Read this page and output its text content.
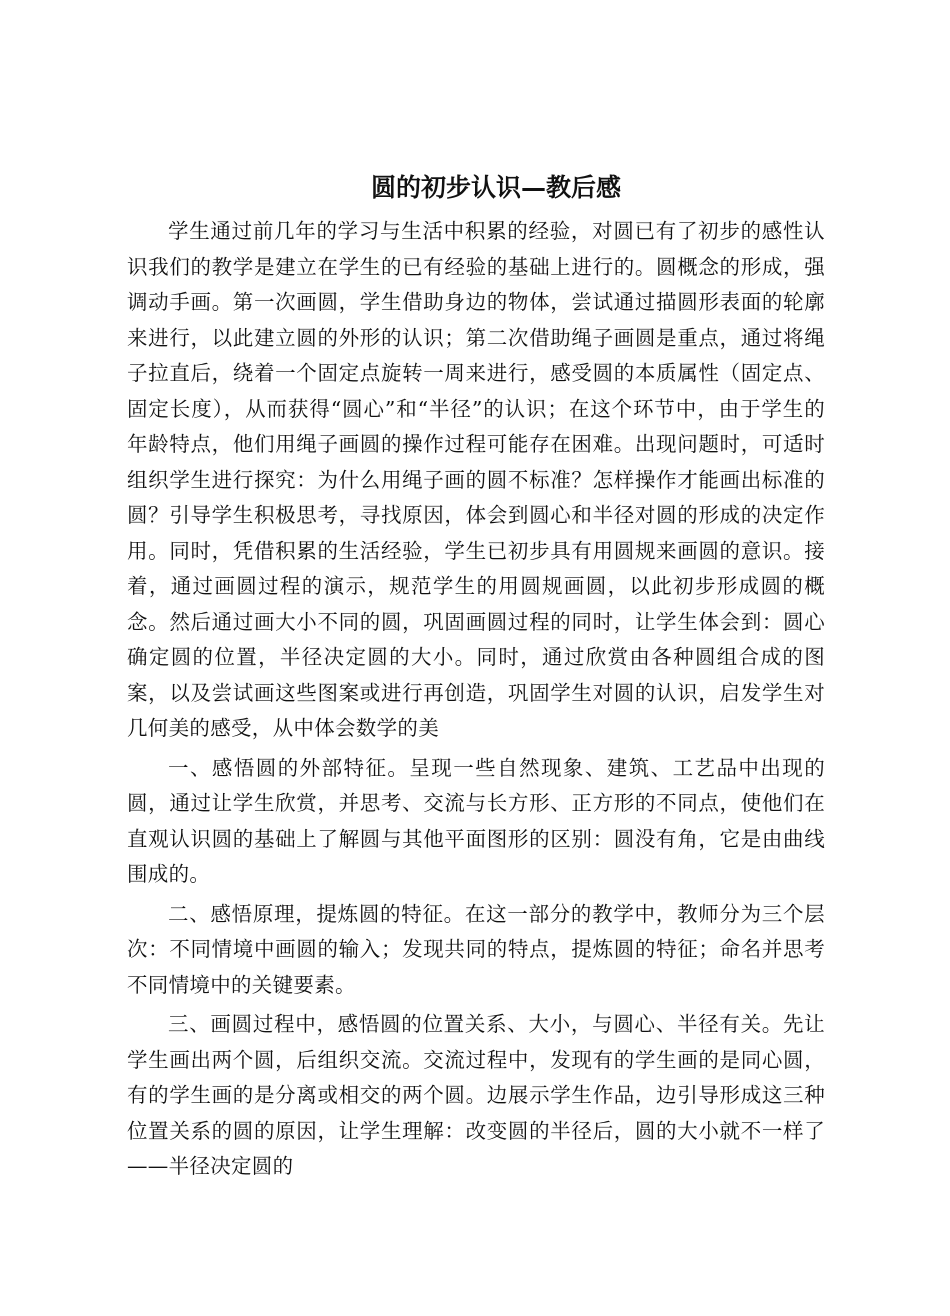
圆的初步认识—教后感

学生通过前几年的学习与生活中积累的经验，对圆已有了初步的感性认识我们的教学是建立在学生的已有经验的基础上进行的。圆概念的形成，强调动手画。第一次画圆，学生借助身边的物体，尝试通过描圆形表面的轮廓来进行，以此建立圆的外形的认识；第二次借助绳子画圆是重点，通过将绳子拉直后，绕着一个固定点旋转一周来进行，感受圆的本质属性（固定点、固定长度），从而获得“圆心”和“半径”的认识；在这个环节中，由于学生的年龄特点，他们用绳子画圆的操作过程可能存在困难。出现问题时，可适时组织学生进行探究：为什么用绳子画的圆不标准？怎样操作才能画出标准的圆？引导学生积极思考，寻找原因，体会到圆心和半径对圆的形成的决定作用。同时，凭借积累的生活经验，学生已初步具有用圆规来画圆的意识。接着，通过画圆过程的演示，规范学生的用圆规画圆，以此初步形成圆的概念。然后通过画大小不同的圆，巩固画圆过程的同时，让学生体会到：圆心确定圆的位置，半径决定圆的大小。同时，通过欣赏由各种圆组合成的图案，以及尝试画这些图案或进行再创造，巩固学生对圆的认识，启发学生对几何美的感受，从中体会数学的美

一、感悟圆的外部特征。呈现一些自然现象、建筑、工艺品中出现的圆，通过让学生欣赏，并思考、交流与长方形、正方形的不同点，使他们在直观认识圆的基础上了解圆与其他平面图形的区别：圆没有角，它是由曲线围成的。

二、感悟原理，提炼圆的特征。在这一部分的教学中，教师分为三个层次：不同情境中画圆的输入；发现共同的特点，提炼圆的特征；命名并思考不同情境中的关键要素。

三、画圆过程中，感悟圆的位置关系、大小，与圆心、半径有关。先让学生画出两个圆，后组织交流。交流过程中，发现有的学生画的是同心圆，有的学生画的是分离或相交的两个圆。边展示学生作品，边引导形成这三种位置关系的圆的原因，让学生理解：改变圆的半径后，圆的大小就不一样了——半径决定圆的
